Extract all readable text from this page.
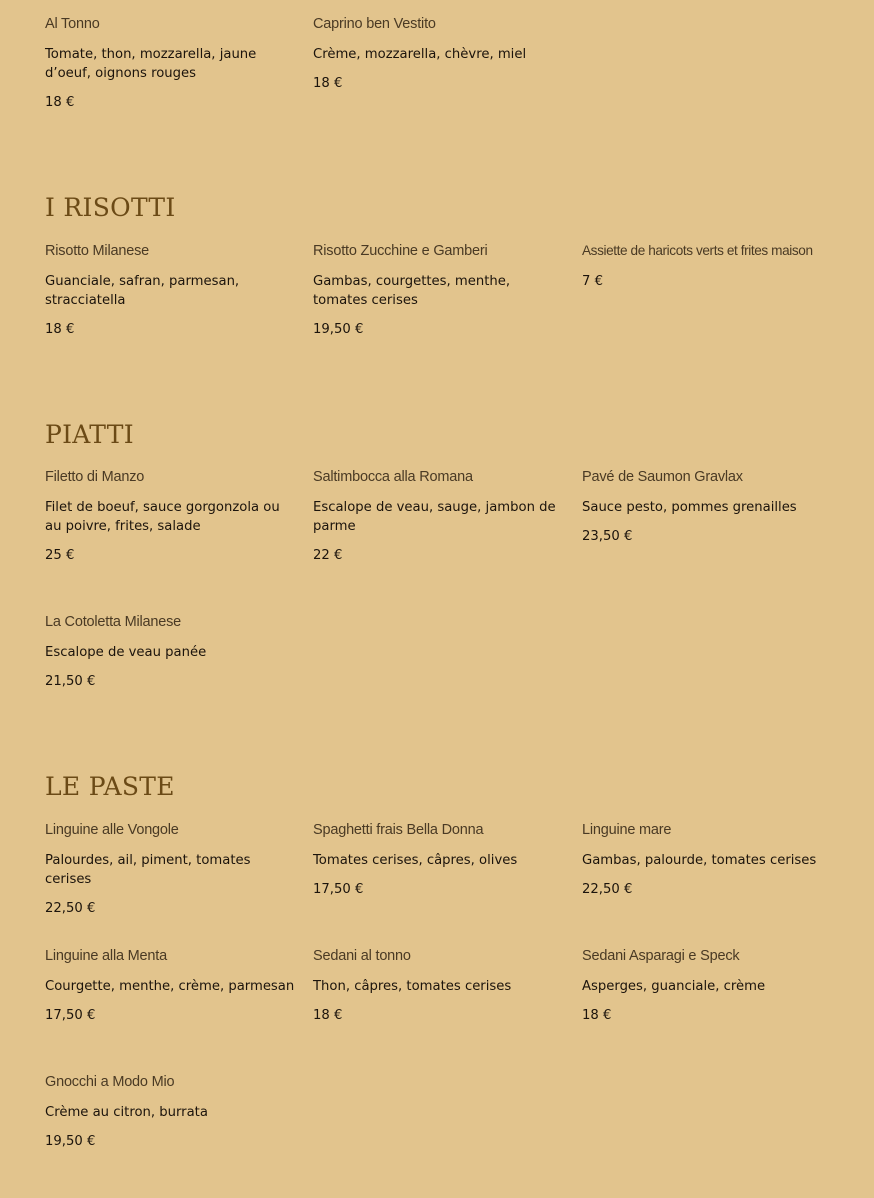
Al Tonno
Tomate, thon, mozzarella, jaune d’oeuf, oignons rouges
18 €
Caprino ben Vestito
Crème, mozzarella, chèvre, miel
18 €
I RISOTTI
Risotto Milanese
Guanciale, safran, parmesan, stracciatella
18 €
Risotto Zucchine e Gamberi
Gambas, courgettes, menthe, tomates cerises
19,50 €
Assiette de haricots verts et frites maison
7 €
PIATTI
Filetto di Manzo
Filet de boeuf, sauce gorgonzola ou au poivre, frites, salade
25 €
Saltimbocca alla Romana
Escalope de veau, sauge, jambon de parme
22 €
Pavé de Saumon Gravlax
Sauce pesto, pommes grenailles
23,50 €
La Cotoletta Milanese
Escalope de veau panée
21,50 €
LE PASTE
Linguine alle Vongole
Palourdes, ail, piment, tomates cerises
22,50 €
Spaghetti frais Bella Donna
Tomates cerises, câpres, olives
17,50 €
Linguine mare
Gambas, palourde, tomates cerises
22,50 €
Linguine alla Menta
Courgette, menthe, crème, parmesan
17,50 €
Sedani al tonno
Thon, câpres, tomates cerises
18 €
Sedani Asparagi e Speck
Asperges, guanciale, crème
18 €
Gnocchi a Modo Mio
Crème au citron, burrata
19,50 €
